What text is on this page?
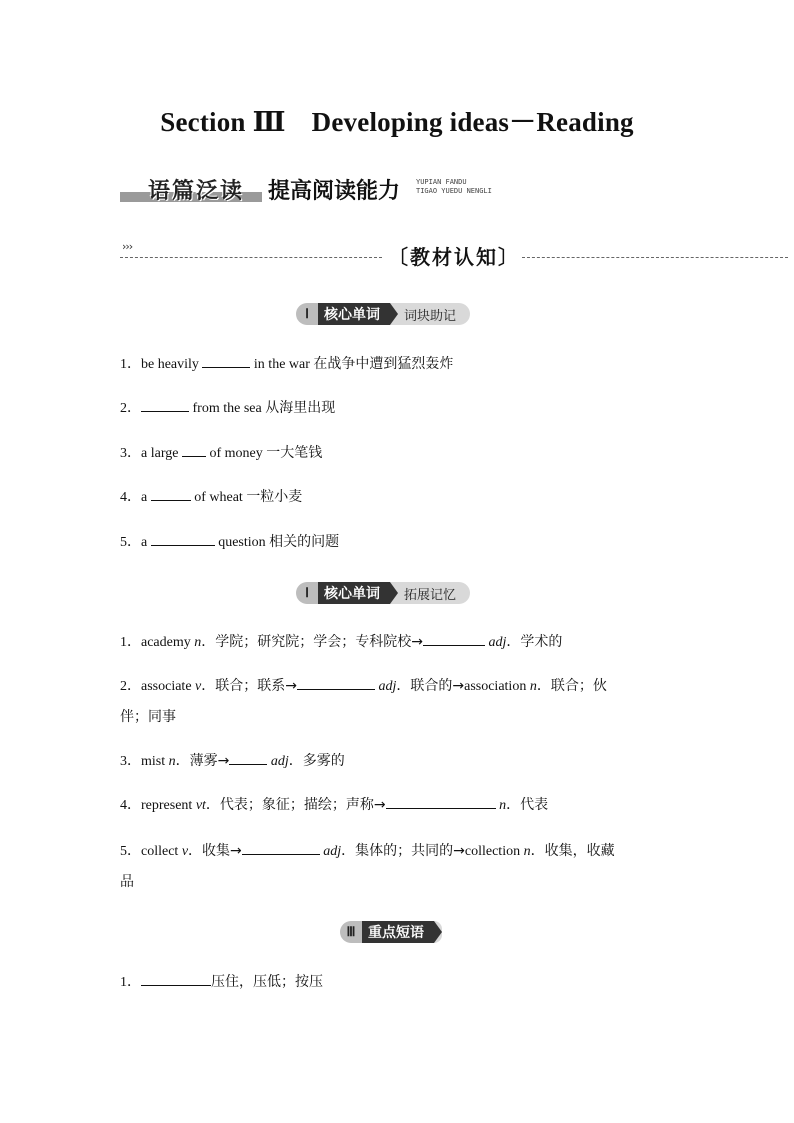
Section Ⅲ Developing ideas－Reading
语篇泛读 提高阅读能力 YUPIAN FANDU
TIGAO YUEDU NENGLI
›››	〔教材认知〕
Ⅰ	核心单词	词块助记
1．be heavily	in the war 在战争中遭到猛烈轰炸
2．	from the sea 从海里出现
3．a large of money 一大笔钱
4．a	of wheat 一粒小麦
5．a	question 相关的问题
Ⅰ	核心单词	拓展记忆
1．academy n．学院；研究院；学会；专科院校→	adj．学术的
2．associate v．联合；联系→	adj．联合的→association n．联合；伙
伴；同事
3．mist n．薄雾→	adj．多雾的
4．represent vt．代表；象征；描绘；声称→	n．代表
5．collect v．收集→	adj．集体的；共同的→collection n．收集，收藏
品
Ⅲ 重点短语
1．	压住，压低；按压
